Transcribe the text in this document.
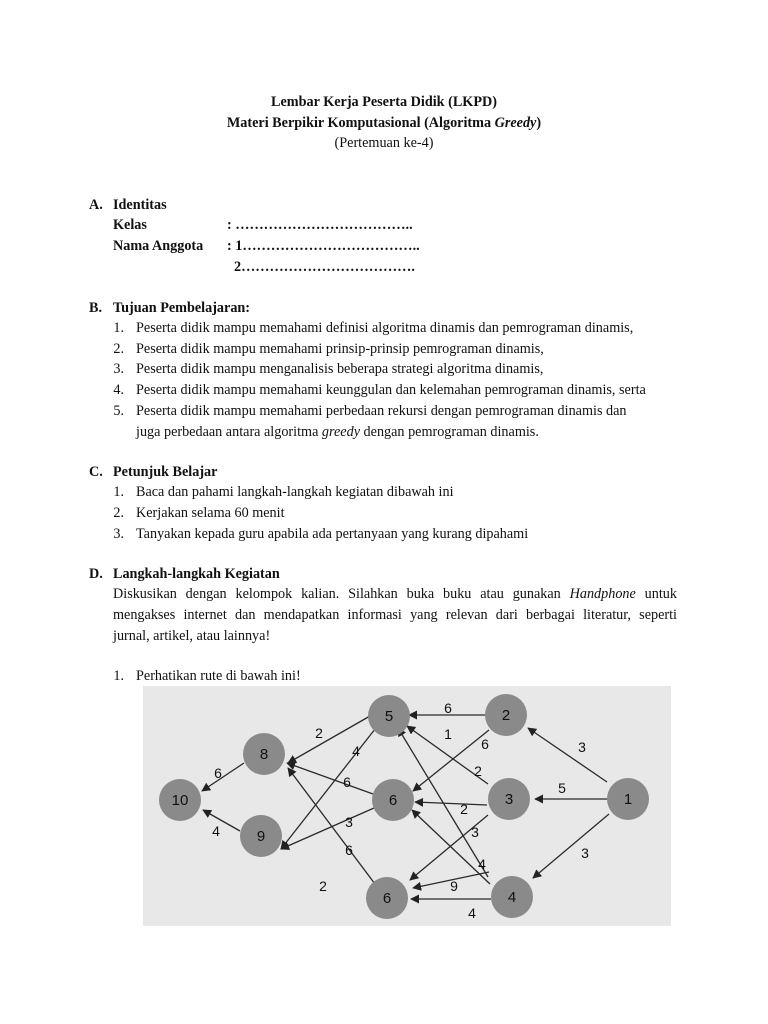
Lembar Kerja Peserta Didik (LKPD)
Materi Berpikir Komputasional (Algoritma Greedy)
(Pertemuan ke-4)
A. Identitas
Kelas	: ………………………………..
Nama Anggota : 1………………………………..
2……………………………….
B. Tujuan Pembelajaran:
1. Peserta didik mampu memahami definisi algoritma dinamis dan pemrograman dinamis,
2. Peserta didik mampu memahami prinsip-prinsip pemrograman dinamis,
3. Peserta didik mampu menganalisis beberapa strategi algoritma dinamis,
4. Peserta didik mampu memahami keunggulan dan kelemahan pemrograman dinamis, serta
5. Peserta didik mampu memahami perbedaan rekursi dengan pemrograman dinamis dan
juga perbedaan antara algoritma greedy dengan pemrograman dinamis.
C. Petunjuk Belajar
1. Baca dan pahami langkah-langkah kegiatan dibawah ini
2. Kerjakan selama 60 menit
3. Tanyakan kepada guru apabila ada pertanyaan yang kurang dipahami
D. Langkah-langkah Kegiatan
Diskusikan dengan kelompok kalian. Silahkan buka buku atau gunakan Handphone untuk
mengakses internet dan mendapatkan informasi yang relevan dari berbagai literatur, seperti
jurnal, artikel, atau lainnya!
1. Perhatikan rute di bawah ini!
10
8
9
5
6
6
2
3
4
1
6
4
2
4
6
3
6
2
6
1
6
2
2
3
4
9
4
3
5
3
